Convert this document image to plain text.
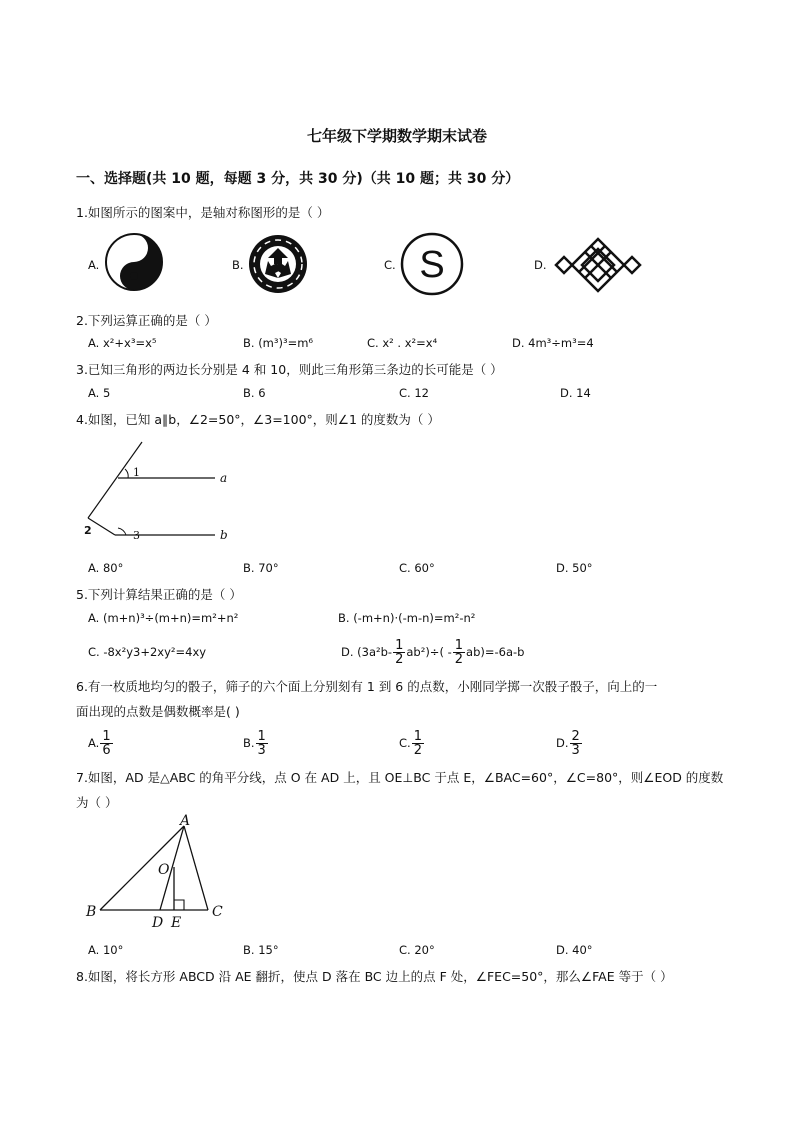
七年级下学期数学期末试卷
一、选择题(共 10 题，每题 3 分，共 30 分)（共 10 题；共 30 分）
1.如图所示的图案中，是轴对称图形的是（ ）
A.	B.	C. S	D.
2.下列运算正确的是（ ）
A. x²+x³=x⁵	B. (m³)³=m⁶	C. x² . x²=x⁴	D. 4m³÷m³=4
3.已知三角形的两边长分别是 4 和 10，则此三角形第三条边的长可能是（ ）
A. 5	B. 6	C. 12	D. 14
4.如图，已知 a∥b，∠2=50°，∠3=100°，则∠1 的度数为（ ）
1	a
2	3	b
A. 80°	B. 70°	C. 60°	D. 50°
5.下列计算结果正确的是（ ）
A. (m+n)³÷(m+n)=m²+n²	B. (-m+n)·(-m-n)=m²-n²
C. -8x²y3+2xy²=4xy	D. $(3a^2b- \frac{1}{2} ab^2)\div( - \frac{1}{2} ab)=-6a-b$
6.有一枚质地均匀的骰子，筛子的六个面上分别刻有 1 到 6 的点数，小刚同学掷一次骰子骰子，向上的一
面出现的点数是偶数概率是( )
A. $\frac{1}{6}$	B. $\frac{1}{3}$	C. $\frac{1}{2}$	D. $\frac{2}{3}$
7.如图，AD 是△ABC 的角平分线，点 O 在 AD 上，且 OE⊥BC 于点 E，∠BAC=60°，∠C=80°，则∠EOD 的度数
为（ ）
A
O
B
D E
C
A. 10°	B. 15°	C. 20°	D. 40°
8.如图，将长方形 ABCD 沿 AE 翻折，使点 D 落在 BC 边上的点 F 处，∠FEC=50°，那么∠FAE 等于（ ）
